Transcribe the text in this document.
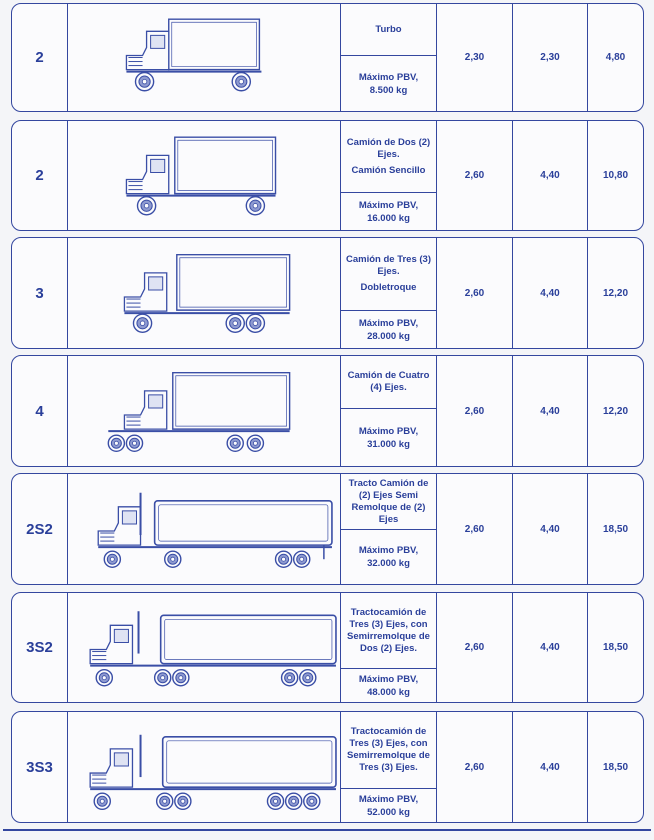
2
Turbo
Máximo PBV,
8.500 kg
2,30	2,30	4,80
2
Camión de Dos (2) Ejes.
Camión Sencillo
Máximo PBV,
16.000 kg
2,60	4,40	10,80
3
Camión de Tres (3) Ejes.
Dobletroque
Máximo PBV,
28.000 kg
2,60	4,40	12,20
4
Camión de Cuatro (4) Ejes.
Máximo PBV,
31.000 kg
2,60	4,40	12,20
2S2
Tracto Camión de (2) Ejes Semi Remolque de (2) Ejes
Máximo PBV,
32.000 kg
2,60	4,40	18,50
3S2
Tractocamión de Tres (3) Ejes, con Semirremolque de Dos (2) Ejes.
Máximo PBV,
48.000 kg
2,60	4,40	18,50
3S3
Tractocamión de Tres (3) Ejes, con Semirremolque de Tres (3) Ejes.
Máximo PBV,
52.000 kg
2,60	4,40	18,50
